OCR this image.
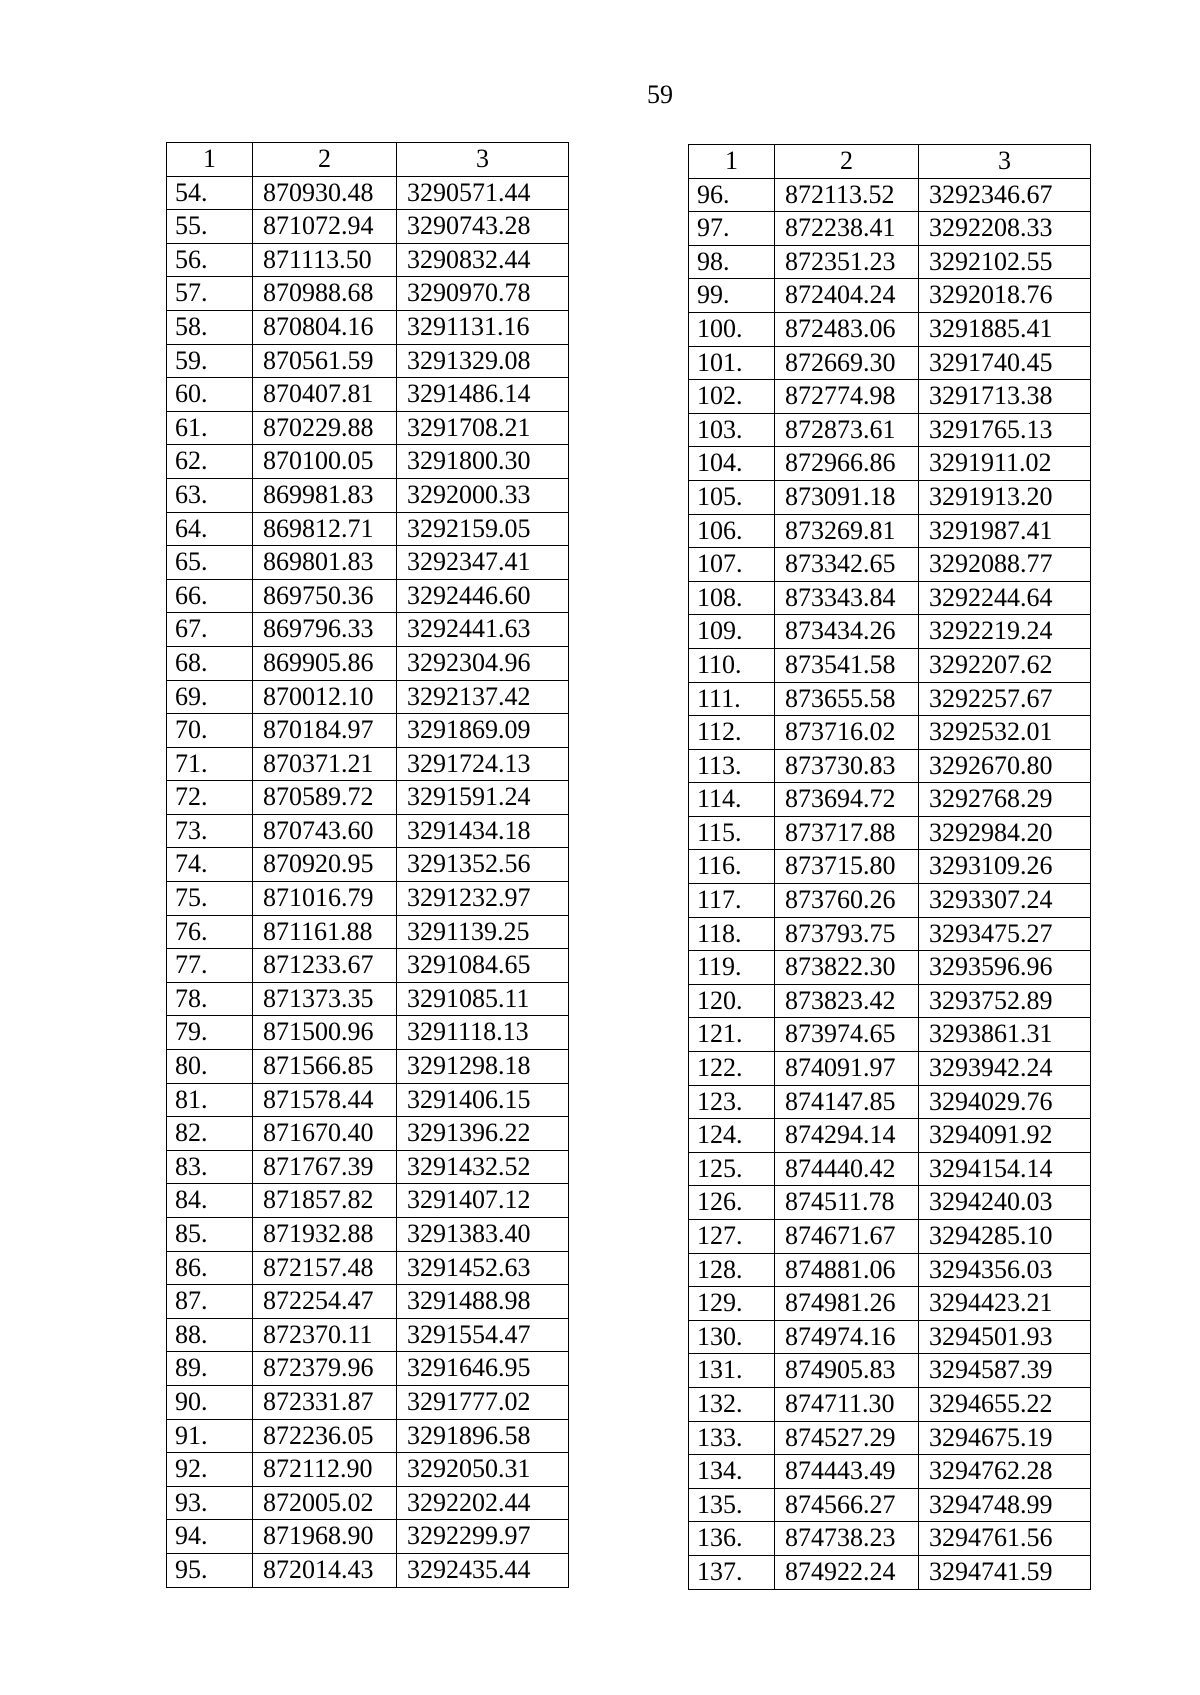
59
1	2	3
54.	870930.48	3290571.44
55.	871072.94	3290743.28
56.	871113.50	3290832.44
57.	870988.68	3290970.78
58.	870804.16	3291131.16
59.	870561.59	3291329.08
60.	870407.81	3291486.14
61.	870229.88	3291708.21
62.	870100.05	3291800.30
63.	869981.83	3292000.33
64.	869812.71	3292159.05
65.	869801.83	3292347.41
66.	869750.36	3292446.60
67.	869796.33	3292441.63
68.	869905.86	3292304.96
69.	870012.10	3292137.42
70.	870184.97	3291869.09
71.	870371.21	3291724.13
72.	870589.72	3291591.24
73.	870743.60	3291434.18
74.	870920.95	3291352.56
75.	871016.79	3291232.97
76.	871161.88	3291139.25
77.	871233.67	3291084.65
78.	871373.35	3291085.11
79.	871500.96	3291118.13
80.	871566.85	3291298.18
81.	871578.44	3291406.15
82.	871670.40	3291396.22
83.	871767.39	3291432.52
84.	871857.82	3291407.12
85.	871932.88	3291383.40
86.	872157.48	3291452.63
87.	872254.47	3291488.98
88.	872370.11	3291554.47
89.	872379.96	3291646.95
90.	872331.87	3291777.02
91.	872236.05	3291896.58
92.	872112.90	3292050.31
93.	872005.02	3292202.44
94.	871968.90	3292299.97
95.	872014.43	3292435.44
1	2	3
96.	872113.52	3292346.67
97.	872238.41	3292208.33
98.	872351.23	3292102.55
99.	872404.24	3292018.76
100.	872483.06	3291885.41
101.	872669.30	3291740.45
102.	872774.98	3291713.38
103.	872873.61	3291765.13
104.	872966.86	3291911.02
105.	873091.18	3291913.20
106.	873269.81	3291987.41
107.	873342.65	3292088.77
108.	873343.84	3292244.64
109.	873434.26	3292219.24
110.	873541.58	3292207.62
111.	873655.58	3292257.67
112.	873716.02	3292532.01
113.	873730.83	3292670.80
114.	873694.72	3292768.29
115.	873717.88	3292984.20
116.	873715.80	3293109.26
117.	873760.26	3293307.24
118.	873793.75	3293475.27
119.	873822.30	3293596.96
120.	873823.42	3293752.89
121.	873974.65	3293861.31
122.	874091.97	3293942.24
123.	874147.85	3294029.76
124.	874294.14	3294091.92
125.	874440.42	3294154.14
126.	874511.78	3294240.03
127.	874671.67	3294285.10
128.	874881.06	3294356.03
129.	874981.26	3294423.21
130.	874974.16	3294501.93
131.	874905.83	3294587.39
132.	874711.30	3294655.22
133.	874527.29	3294675.19
134.	874443.49	3294762.28
135.	874566.27	3294748.99
136.	874738.23	3294761.56
137.	874922.24	3294741.59
